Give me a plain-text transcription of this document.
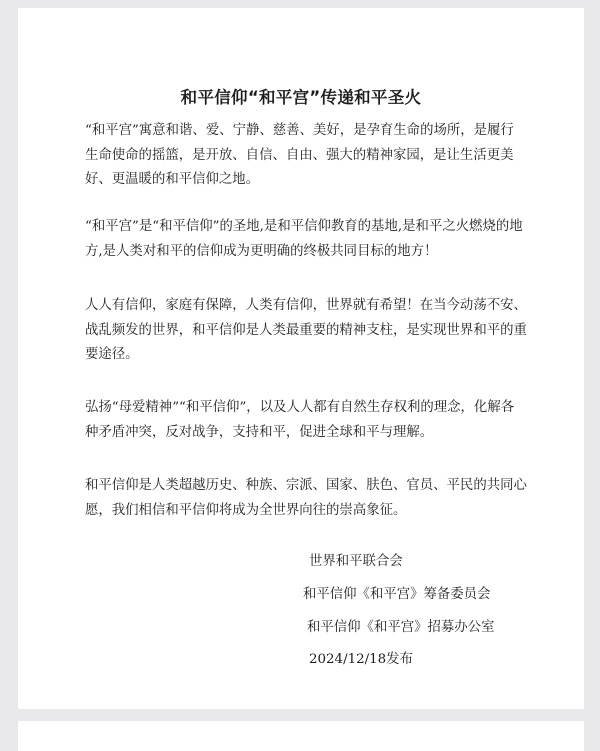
和平信仰“和平宫”传递和平圣火

“和平宫”寓意和谐、爱、宁静、慈善、美好，是孕育生命的场所，是履行生命使命的摇篮，是开放、自信、自由、强大的精神家园，是让生活更美好、更温暖的和平信仰之地。

“和平宫”是“和平信仰”的圣地,是和平信仰教育的基地,是和平之火燃烧的地方,是人类对和平的信仰成为更明确的终极共同目标的地方！

人人有信仰，家庭有保障，人类有信仰，世界就有希望！在当今动荡不安、战乱频发的世界，和平信仰是人类最重要的精神支柱，是实现世界和平的重要途径。

弘扬“母爱精神”“和平信仰”，以及人人都有自然生存权利的理念，化解各种矛盾冲突，反对战争，支持和平，促进全球和平与理解。

和平信仰是人类超越历史、种族、宗派、国家、肤色、官员、平民的共同心愿，我们相信和平信仰将成为全世界向往的崇高象征。

世界和平联合会

和平信仰《和平宫》筹备委员会

和平信仰《和平宫》招募办公室

2024/12/18发布
